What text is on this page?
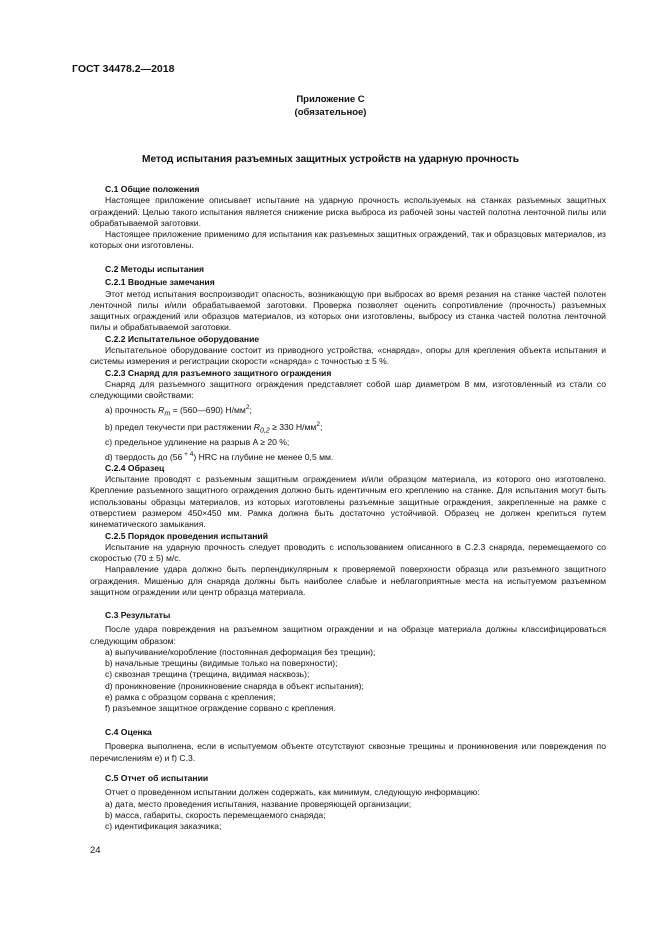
ГОСТ 34478.2—2018
Приложение С
(обязательное)
Метод испытания разъемных защитных устройств на ударную прочность

С.1 Общие положения

Настоящее приложение описывает испытание на ударную прочность используемых на станках разъемных защитных ограждений. Целью такого испытания является снижение риска выброса из рабочей зоны частей полотна ленточной пилы или обрабатываемой заготовки.

Настоящее приложение применимо для испытания как разъемных защитных ограждений, так и образцовых материалов, из которых они изготовлены.

С.2 Методы испытания

С.2.1 Вводные замечания

Этот метод испытания воспроизводит опасность, возникающую при выбросах во время резания на станке частей полотен ленточной пилы и/или обрабатываемой заготовки. Проверка позволяет оценить сопротивление (прочность) разъемных защитных ограждений или образцов материалов, из которых они изготовлены, выбросу из станка частей полотна ленточной пилы и обрабатываемой заготовки.

С.2.2 Испытательное оборудование

Испытательное оборудование состоит из приводного устройства, «снаряда», опоры для крепления объекта испытания и системы измерения и регистрации скорости «снаряда» с точностью ± 5 %.

С.2.3 Снаряд для разъемного защитного ограждения

Снаряд для разъемного защитного ограждения представляет собой шар диаметром 8 мм, изготовленный из стали со следующими свойствами:

а) прочность $R_m$ = (560—690) $Н/мм^2$;

b) предел текучести при растяжении $R_{0,2} \ge 330$ $Н/мм^2$;

c) предельное удлинение на разрыв A ≥ 20 %;

d) твердость до (56 $^{+ 4}$) HRC на глубине не менее 0,5 мм.

С.2.4 Образец

Испытание проводят с разъемным защитным ограждением и/или образцом материала, из которого оно изготовлено. Крепление разъемного защитного ограждения должно быть идентичным его креплению на станке. Для испытания могут быть использованы образцы материалов, из которых изготовлены разъемные защитные ограждения, закрепленные на рамке с отверстием размером 450×450 мм. Рамка должна быть достаточно устойчивой. Образец не должен крепиться путем кинематического замыкания.

С.2.5 Порядок проведения испытаний

Испытание на ударную прочность следует проводить с использованием описанного в С.2.3 снаряда, перемещаемого со скоростью (70 ± 5) м/с.

Направление удара должно быть перпендикулярным к проверяемой поверхности образца или разъемного защитного ограждения. Мишенью для снаряда должны быть наиболее слабые и неблагоприятные места на испытуемом разъемном защитном ограждении или центр образца материала.

С.3 Результаты

После удара повреждения на разъемном защитном ограждении и на образце материала должны классифицироваться следующим образом:

а) выпучивание/коробление (постоянная деформация без трещин);

b) начальные трещины (видимые только на поверхности);

c) сквозная трещина (трещина, видимая насквозь);

d) проникновение (проникновение снаряда в объект испытания);

е) рамка с образцом сорвана с крепления;

f) разъемное защитное ограждение сорвано с крепления.

С.4 Оценка

Проверка выполнена, если в испытуемом объекте отсутствуют сквозные трещины и проникновения или повреждения по перечислениям е) и f) С.3.

С.5 Отчет об испытании

Отчет о проведенном испытании должен содержать, как минимум, следующую информацию:

а) дата, место проведения испытания, название проверяющей организации;

b) масса, габариты, скорость перемещаемого снаряда;

c) идентификация заказчика;

24
